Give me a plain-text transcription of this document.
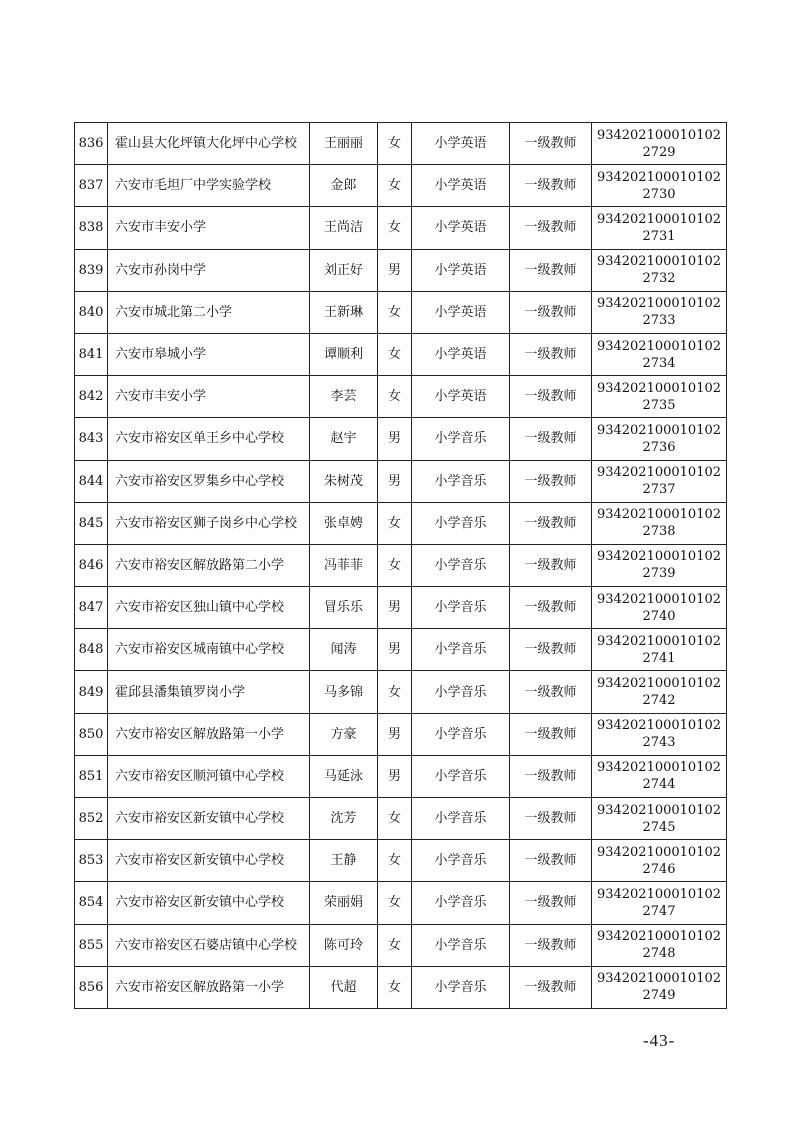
836	霍山县大化坪镇大化坪中心学校	王丽丽	女	小学英语	一级教师	9342021000101022729
837	六安市毛坦厂中学实验学校	金郎	女	小学英语	一级教师	9342021000101022730
838	六安市丰安小学	王尚洁	女	小学英语	一级教师	9342021000101022731
839	六安市孙岗中学	刘正好	男	小学英语	一级教师	9342021000101022732
840	六安市城北第二小学	王新琳	女	小学英语	一级教师	9342021000101022733
841	六安市皋城小学	谭顺利	女	小学英语	一级教师	9342021000101022734
842	六安市丰安小学	李芸	女	小学英语	一级教师	9342021000101022735
843	六安市裕安区单王乡中心学校	赵宇	男	小学音乐	一级教师	9342021000101022736
844	六安市裕安区罗集乡中心学校	朱树茂	男	小学音乐	一级教师	9342021000101022737
845	六安市裕安区狮子岗乡中心学校	张卓娉	女	小学音乐	一级教师	9342021000101022738
846	六安市裕安区解放路第二小学	冯菲菲	女	小学音乐	一级教师	9342021000101022739
847	六安市裕安区独山镇中心学校	冒乐乐	男	小学音乐	一级教师	9342021000101022740
848	六安市裕安区城南镇中心学校	闻涛	男	小学音乐	一级教师	9342021000101022741
849	霍邱县潘集镇罗岗小学	马多锦	女	小学音乐	一级教师	9342021000101022742
850	六安市裕安区解放路第一小学	方豪	男	小学音乐	一级教师	9342021000101022743
851	六安市裕安区顺河镇中心学校	马延泳	男	小学音乐	一级教师	9342021000101022744
852	六安市裕安区新安镇中心学校	沈芳	女	小学音乐	一级教师	9342021000101022745
853	六安市裕安区新安镇中心学校	王静	女	小学音乐	一级教师	9342021000101022746
854	六安市裕安区新安镇中心学校	荣丽娟	女	小学音乐	一级教师	9342021000101022747
855	六安市裕安区石婆店镇中心学校	陈可玲	女	小学音乐	一级教师	9342021000101022748
856	六安市裕安区解放路第一小学	代超	女	小学音乐	一级教师	9342021000101022749
-43-
